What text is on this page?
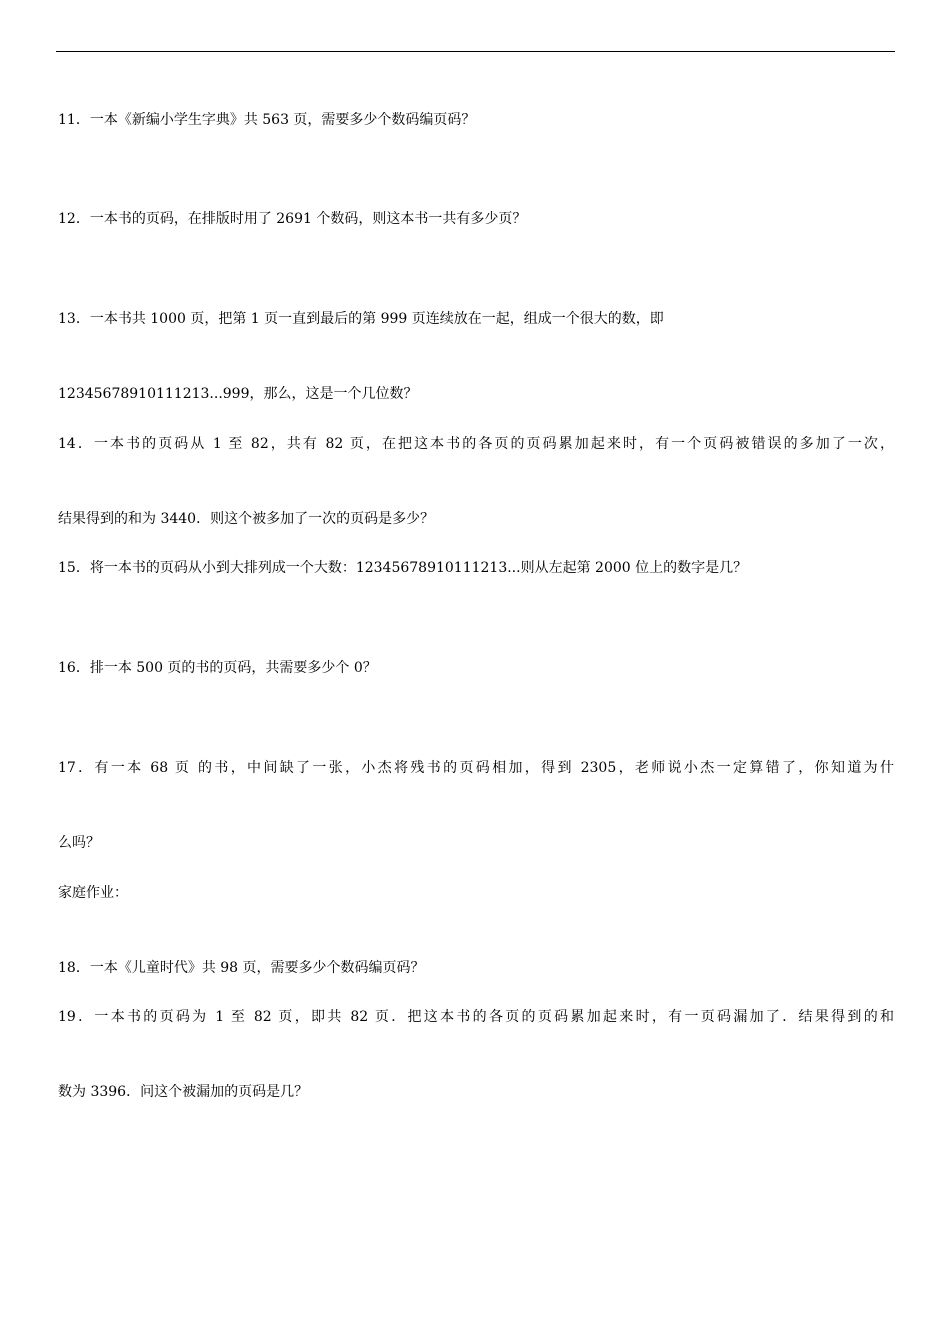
11．一本《新编小学生字典》共 563 页，需要多少个数码编页码？

12．一本书的页码，在排版时用了 2691 个数码，则这本书一共有多少页？

13．一本书共 1000 页，把第 1 页一直到最后的第 999 页连续放在一起，组成一个很大的数，即

12345678910111213...999，那么，这是一个几位数？

14．一本书的页码从 1 至 82，共有 82 页，在把这本书的各页的页码累加起来时，有一个页码被错误的多加了一次，

结果得到的和为 3440．则这个被多加了一次的页码是多少？

15．将一本书的页码从小到大排列成一个大数：12345678910111213...则从左起第 2000 位上的数字是几？

16．排一本 500 页的书的页码，共需要多少个 0？

17．有一本 68 页 的书，中间缺了一张，小杰将残书的页码相加，得到 2305，老师说小杰一定算错了，你知道为什

么吗？

家庭作业：

18．一本《儿童时代》共 98 页，需要多少个数码编页码？

19．一本书的页码为 1 至 82 页，即共 82 页．把这本书的各页的页码累加起来时，有一页码漏加了．结果得到的和

数为 3396．问这个被漏加的页码是几？
